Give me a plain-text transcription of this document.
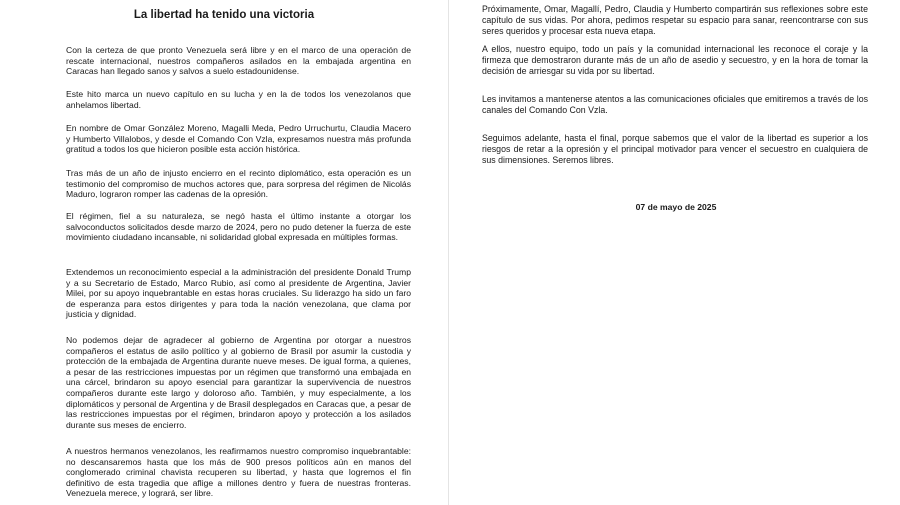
La libertad ha tenido una victoria

Con la certeza de que pronto Venezuela será libre y en el marco de una operación de rescate internacional, nuestros compañeros asilados en la embajada argentina en Caracas han llegado sanos y salvos a suelo estadounidense.

Este hito marca un nuevo capítulo en su lucha y en la de todos los venezolanos que anhelamos libertad.

En nombre de Omar González Moreno, Magalli Meda, Pedro Urruchurtu, Claudia Macero y Humberto Villalobos, y desde el Comando Con Vzla, expresamos nuestra más profunda gratitud a todos los que hicieron posible esta acción histórica.

Tras más de un año de injusto encierro en el recinto diplomático, esta operación es un testimonio del compromiso de muchos actores que, para sorpresa del régimen de Nicolás Maduro, lograron romper las cadenas de la opresión.

El régimen, fiel a su naturaleza, se negó hasta el último instante a otorgar los salvoconductos solicitados desde marzo de 2024, pero no pudo detener la fuerza de este movimiento ciudadano incansable, ni solidaridad global expresada en múltiples formas.

Extendemos un reconocimiento especial a la administración del presidente Donald Trump y a su Secretario de Estado, Marco Rubio, así como al presidente de Argentina, Javier Milei, por su apoyo inquebrantable en estas horas cruciales. Su liderazgo ha sido un faro de esperanza para estos dirigentes y para toda la nación venezolana, que clama por justicia y dignidad.

No podemos dejar de agradecer al gobierno de Argentina por otorgar a nuestros compañeros el estatus de asilo político y al gobierno de Brasil por asumir la custodia y protección de la embajada de Argentina durante nueve meses. De igual forma, a quienes, a pesar de las restricciones impuestas por un régimen que transformó una embajada en una cárcel, brindaron su apoyo esencial para garantizar la supervivencia de nuestros compañeros durante este largo y doloroso año. También, y muy especialmente, a los diplomáticos y personal de Argentina y de Brasil desplegados en Caracas que, a pesar de las restricciones impuestas por el régimen, brindaron apoyo y protección a los asilados durante sus meses de encierro.

A nuestros hermanos venezolanos, les reafirmamos nuestro compromiso inquebrantable: no descansaremos hasta que los más de 900 presos políticos aún en manos del conglomerado criminal chavista recuperen su libertad, y hasta que logremos el fin definitivo de esta tragedia que aflige a millones dentro y fuera de nuestras fronteras. Venezuela merece, y logrará, ser libre.

Próximamente, Omar, Magallí, Pedro, Claudia y Humberto compartirán sus reflexiones sobre este capítulo de sus vidas. Por ahora, pedimos respetar su espacio para sanar, reencontrarse con sus seres queridos y procesar esta nueva etapa.

A ellos, nuestro equipo, todo un país y la comunidad internacional les reconoce el coraje y la firmeza que demostraron durante más de un año de asedio y secuestro, y en la hora de tomar la decisión de arriesgar su vida por su libertad.

Les invitamos a mantenerse atentos a las comunicaciones oficiales que emitiremos a través de los canales del Comando Con Vzla.

Seguimos adelante, hasta el final, porque sabemos que el valor de la libertad es superior a los riesgos de retar a la opresión y el principal motivador para vencer el secuestro en cualquiera de sus dimensiones. Seremos libres.

07 de mayo de 2025
